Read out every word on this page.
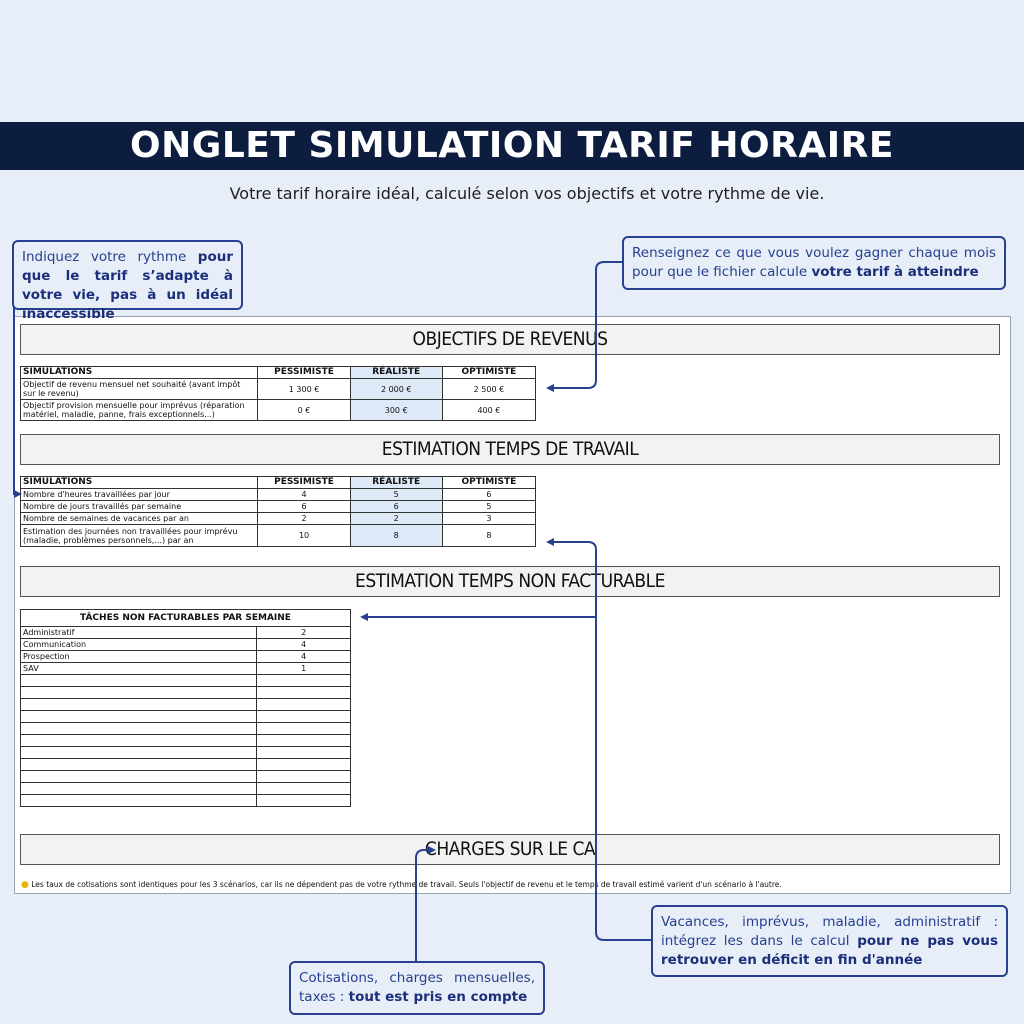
ONGLET SIMULATION TARIF HORAIRE
Votre tarif horaire idéal, calculé selon vos objectifs et votre rythme de vie.
OBJECTIFS DE REVENUS
SIMULATIONS	PESSIMISTE	RÉALISTE	OPTIMISTE
Objectif de revenu mensuel net souhaité (avant impôt sur le revenu)	1 300 €	2 000 €	2 500 €
Objectif provision mensuelle pour imprévus (réparation matériel, maladie, panne, frais exceptionnels...)	0 €	300 €	400 €
ESTIMATION TEMPS DE TRAVAIL
SIMULATIONS	PESSIMISTE	RÉALISTE	OPTIMISTE
Nombre d'heures travaillées par jour	4	5	6
Nombre de jours travaillés par semaine	6	6	5
Nombre de semaines de vacances par an	2	2	3
Estimation des journées non travaillées pour imprévu (maladie, problèmes personnels,...) par an	10	8	8
ESTIMATION TEMPS NON FACTURABLE
TÂCHES NON FACTURABLES PAR SEMAINE	
Administratif	2
Communication	4
Prospection	4
SAV	1

CHARGES SUR LE CA
● Les taux de cotisations sont identiques pour les 3 scénarios, car ils ne dépendent pas de votre rythme de travail. Seuls l'objectif de revenu et le temps de travail estimé varient d'un scénario à l'autre.
Indiquez votre rythme pour que le tarif s’adapte à votre vie, pas à un idéal inaccessible
Renseignez ce que vous voulez gagner chaque mois pour que le fichier calcule votre tarif à atteindre
Vacances, imprévus, maladie, administratif : intégrez les dans le calcul pour ne pas vous retrouver en déficit en fin d'année
Cotisations, charges mensuelles, taxes : tout est pris en compte
